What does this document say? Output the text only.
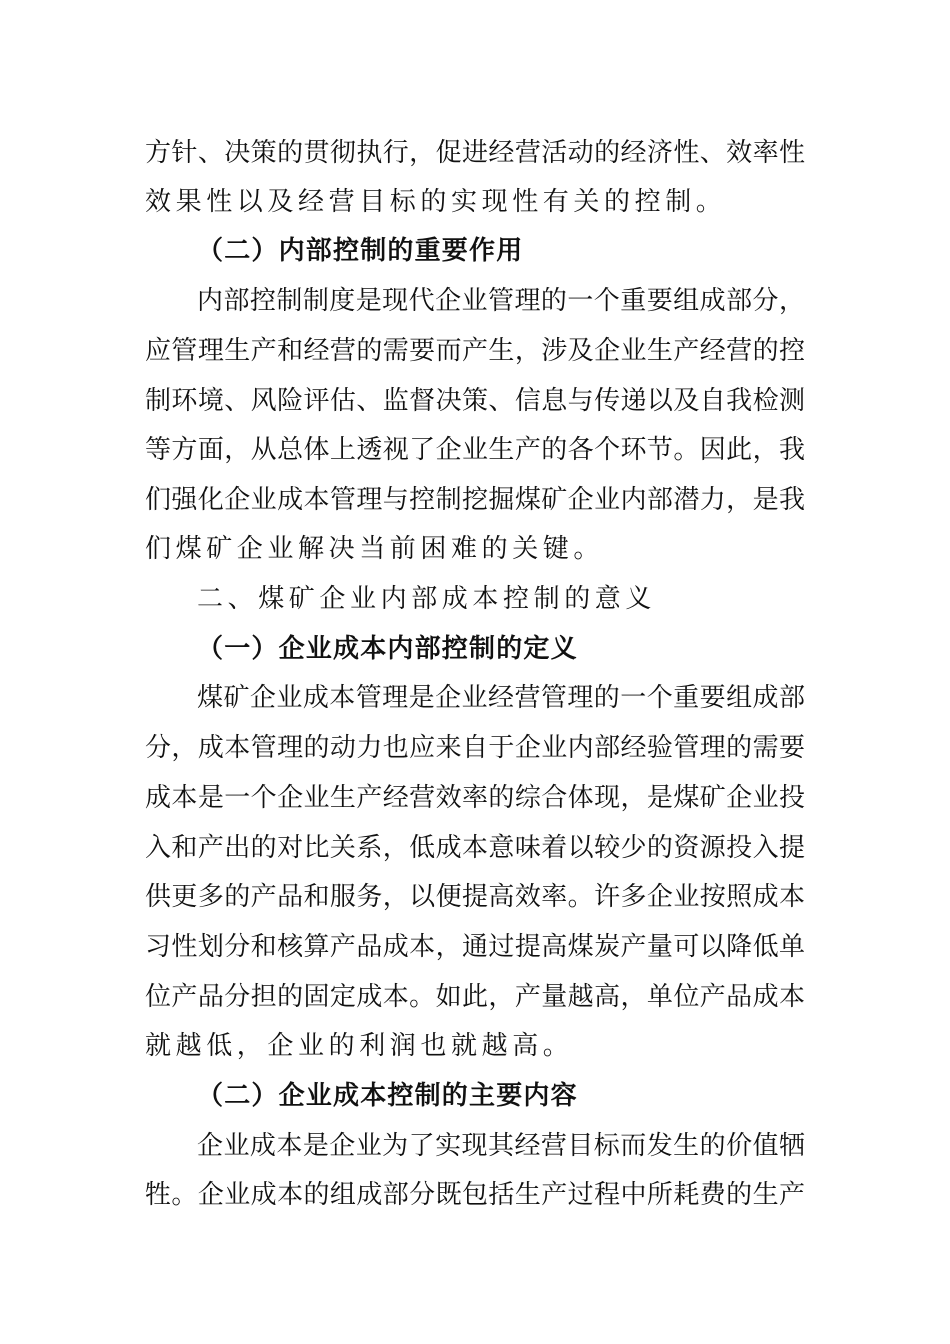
方针、决策的贯彻执行，促进经营活动的经济性、效率性
效果性以及经营目标的实现性有关的控制。
（二）内部控制的重要作用
内部控制制度是现代企业管理的一个重要组成部分，
应管理生产和经营的需要而产生，涉及企业生产经营的控
制环境、风险评估、监督决策、信息与传递以及自我检测
等方面，从总体上透视了企业生产的各个环节。因此，我
们强化企业成本管理与控制挖掘煤矿企业内部潜力，是我
们煤矿企业解决当前困难的关键。
二、煤矿企业内部成本控制的意义
（一）企业成本内部控制的定义
煤矿企业成本管理是企业经营管理的一个重要组成部
分，成本管理的动力也应来自于企业内部经验管理的需要
成本是一个企业生产经营效率的综合体现，是煤矿企业投
入和产出的对比关系，低成本意味着以较少的资源投入提
供更多的产品和服务，以便提高效率。许多企业按照成本
习性划分和核算产品成本，通过提高煤炭产量可以降低单
位产品分担的固定成本。如此，产量越高，单位产品成本
就越低，企业的利润也就越高。
（二）企业成本控制的主要内容
企业成本是企业为了实现其经营目标而发生的价值牺
牲。企业成本的组成部分既包括生产过程中所耗费的生产
